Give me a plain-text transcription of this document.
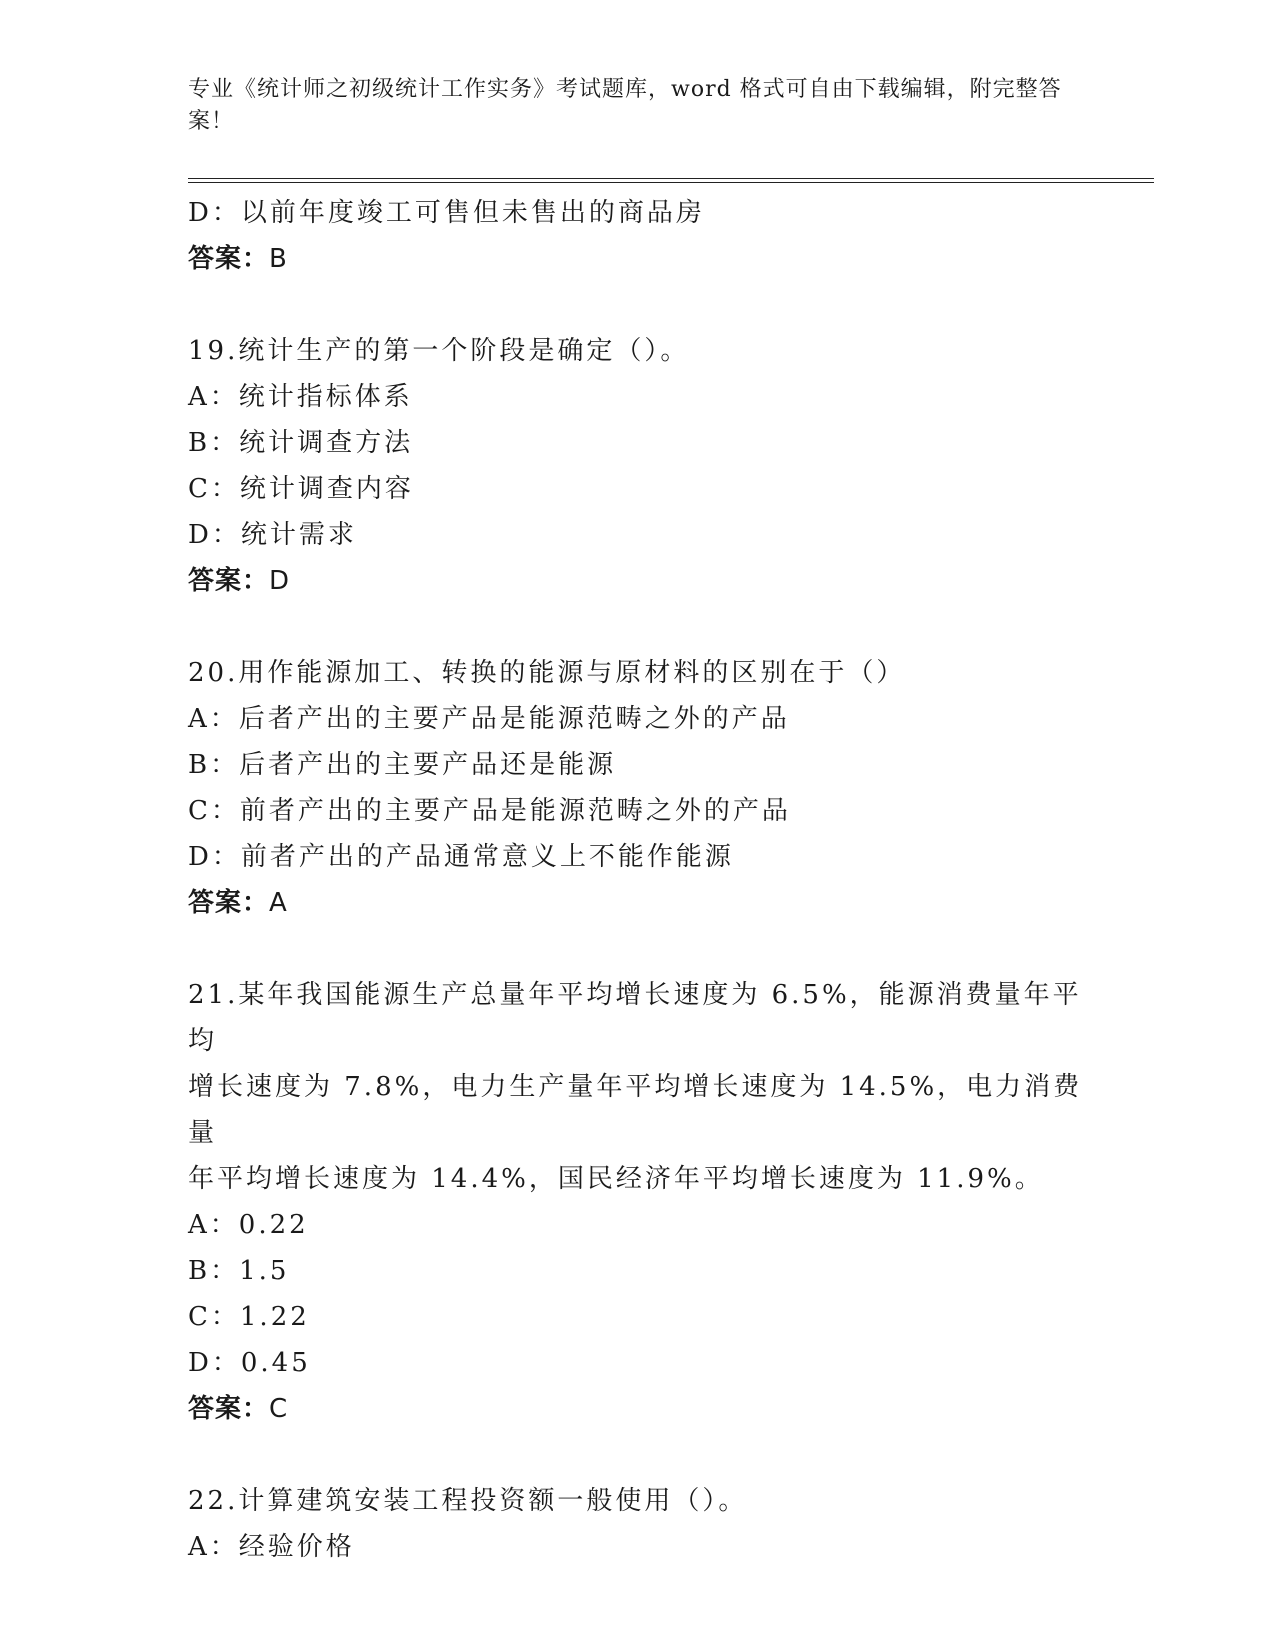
专业《统计师之初级统计工作实务》考试题库，word 格式可自由下载编辑，附完整答案！
D：以前年度竣工可售但未售出的商品房
答案：B
19.统计生产的第一个阶段是确定（）。
A：统计指标体系
B：统计调查方法
C：统计调查内容
D：统计需求
答案：D
20.用作能源加工、转换的能源与原材料的区别在于（）
A：后者产出的主要产品是能源范畴之外的产品
B：后者产出的主要产品还是能源
C：前者产出的主要产品是能源范畴之外的产品
D：前者产出的产品通常意义上不能作能源
答案：A
21.某年我国能源生产总量年平均增长速度为 6.5%，能源消费量年平均
增长速度为 7.8%，电力生产量年平均增长速度为 14.5%，电力消费量
年平均增长速度为 14.4%，国民经济年平均增长速度为 11.9%。
A：0.22
B：1.5
C：1.22
D：0.45
答案：C
22.计算建筑安装工程投资额一般使用（）。
A：经验价格
